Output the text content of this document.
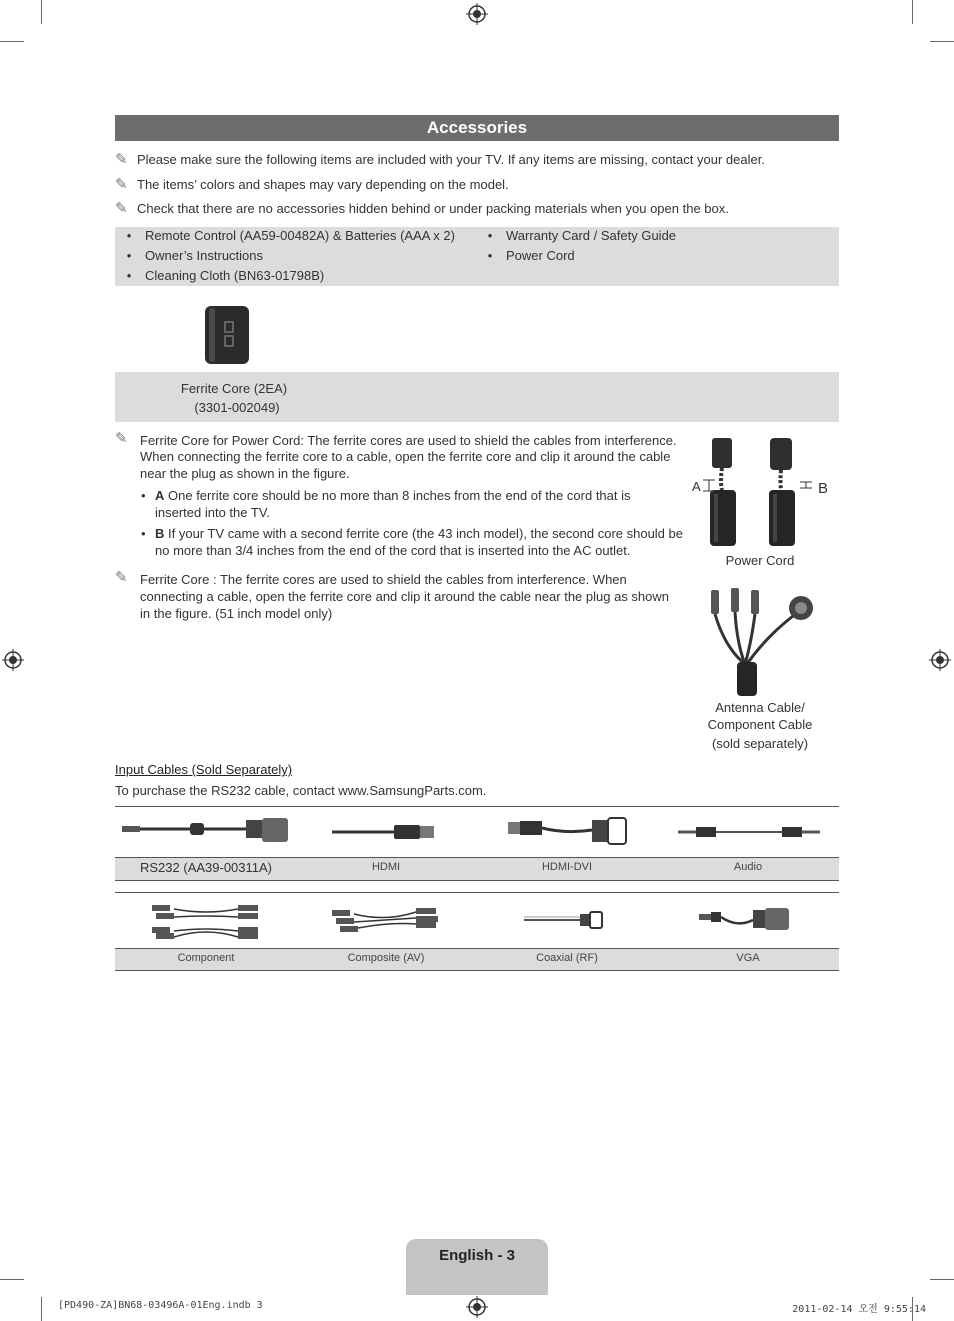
Accessories
✎ Please make sure the following items are included with your TV. If any items are missing, contact your dealer.
✎ The items’ colors and shapes may vary depending on the model.
✎ Check that there are no accessories hidden behind or under packing materials when you open the box.
• Remote Control (AA59-00482A) & Batteries (AAA x 2)
• Owner’s Instructions
• Cleaning Cloth (BN63-01798B)
• Warranty Card / Safety Guide
• Power Cord
Ferrite Core (2EA)
(3301-002049)
✎ Ferrite Core for Power Cord: The ferrite cores are used to shield the cables from interference.
When connecting the ferrite core to a cable, open the ferrite core and clip it around the cable
near the plug as shown in the figure.
• A One ferrite core should be no more than 8 inches from the end of the cord that is
inserted into the TV.
• B If your TV came with a second ferrite core (the 43 inch model), the second core should be
no more than 3/4 inches from the end of the cord that is inserted into the AC outlet.
✎ Ferrite Core : The ferrite cores are used to shield the cables from interference. When
connecting a cable, open the ferrite core and clip it around the cable near the plug as shown
in the figure. (51 inch model only)
A	B
Power Cord
Antenna Cable/
Component Cable
(sold separately)
Input Cables (Sold Separately)
To purchase the RS232 cable, contact www.SamsungParts.com.
RS232 (AA39-00311A)	HDMI	HDMI-DVI	Audio
Component	Composite (AV)	Coaxial (RF)	VGA
English - 3
[PD490-ZA]BN68-03496A-01Eng.indb 3	2011-02-14 오전 9:55:14
